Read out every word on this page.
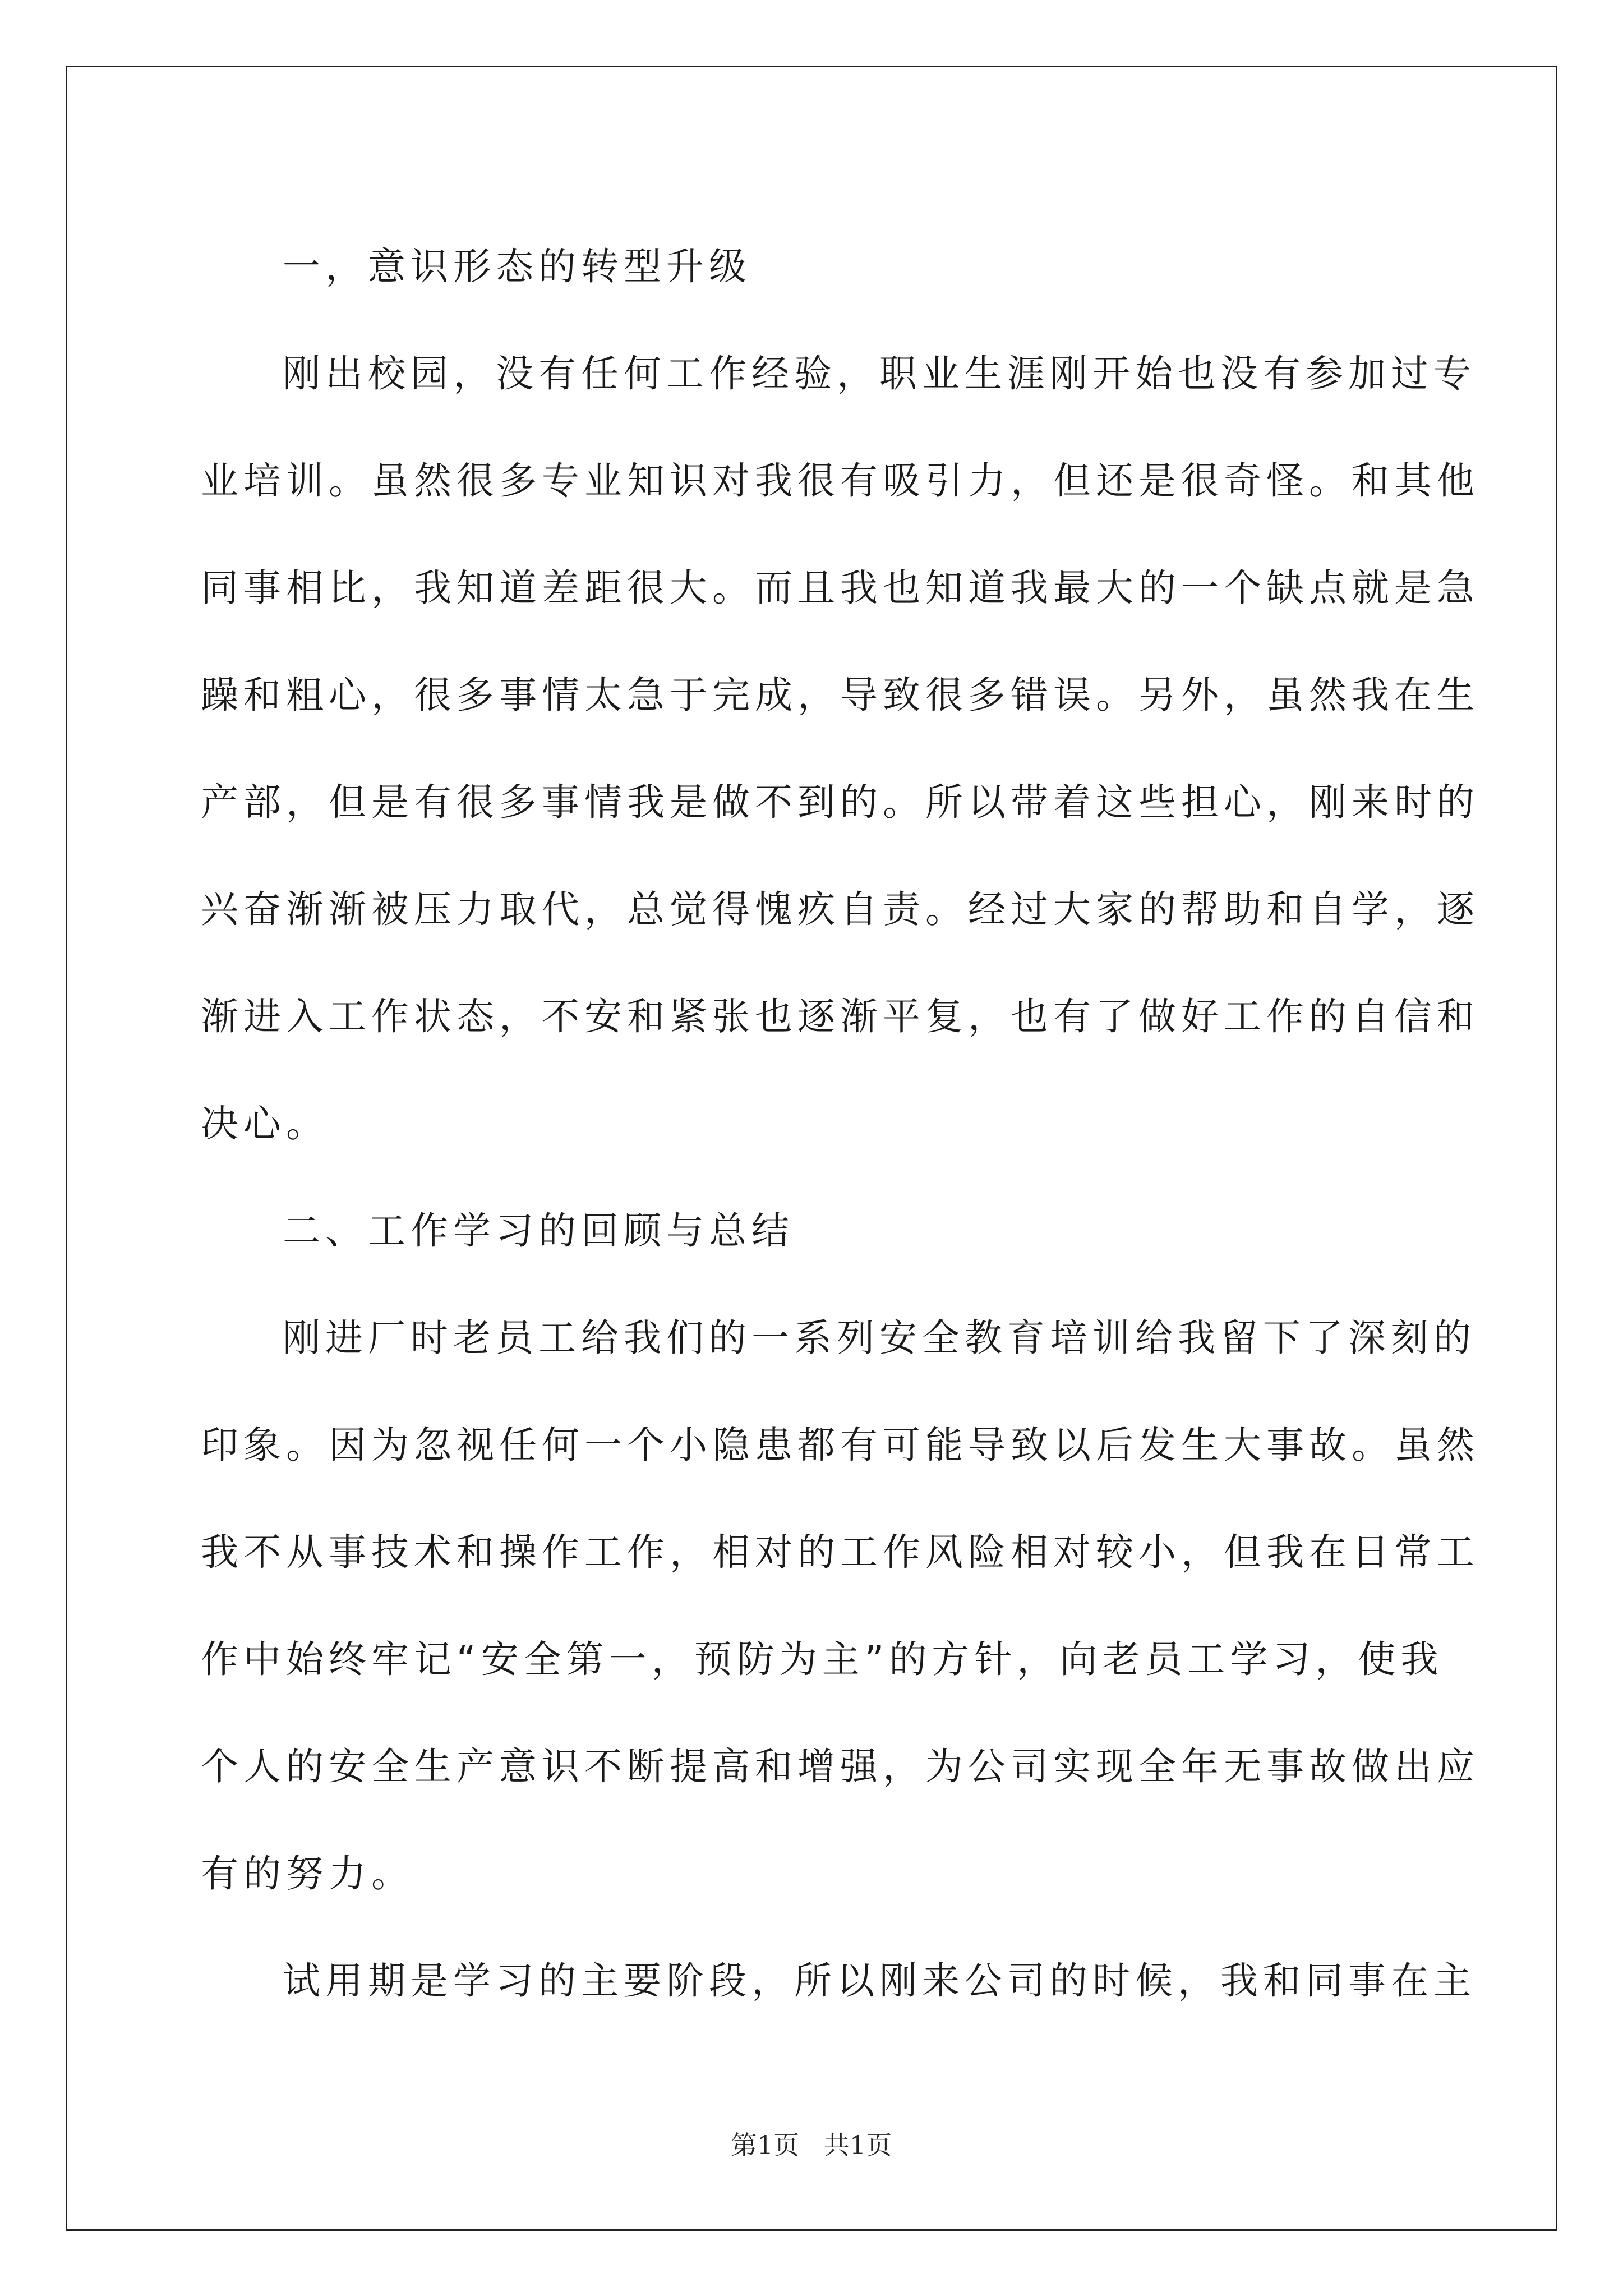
一，意识形态的转型升级
刚出校园，没有任何工作经验，职业生涯刚开始也没有参加过专
业培训。虽然很多专业知识对我很有吸引力，但还是很奇怪。和其他
同事相比，我知道差距很大。而且我也知道我最大的一个缺点就是急
躁和粗心，很多事情太急于完成，导致很多错误。另外，虽然我在生
产部，但是有很多事情我是做不到的。所以带着这些担心，刚来时的
兴奋渐渐被压力取代，总觉得愧疚自责。经过大家的帮助和自学，逐
渐进入工作状态，不安和紧张也逐渐平复，也有了做好工作的自信和
决心。
二、工作学习的回顾与总结
刚进厂时老员工给我们的一系列安全教育培训给我留下了深刻的
印象。因为忽视任何一个小隐患都有可能导致以后发生大事故。虽然
我不从事技术和操作工作，相对的工作风险相对较小，但我在日常工
作中始终牢记“安全第一，预防为主”的方针，向老员工学习，使我
个人的安全生产意识不断提高和增强，为公司实现全年无事故做出应
有的努力。
试用期是学习的主要阶段，所以刚来公司的时候，我和同事在主
第1页   共1页
